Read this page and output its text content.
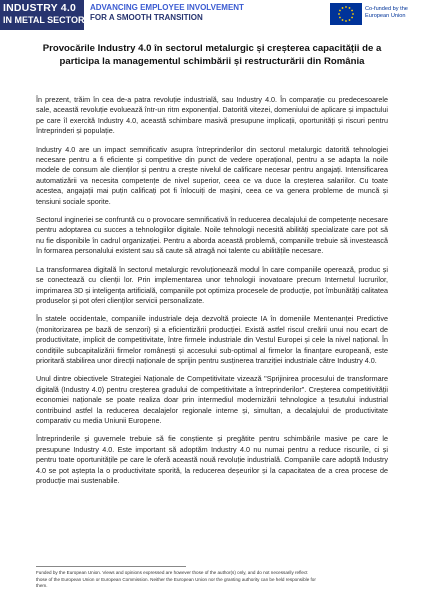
INDUSTRY 4.0
IN METAL SECTOR
ADVANCING EMPLOYEE INVOLVEMENT
FOR A SMOOTH TRANSITION
Co-funded by the
European Union
Provocările Industry 4.0 în sectorul metalurgic și creșterea capacității de a
participa la managementul schimbării și restructurării din România

În prezent, trăim în cea de-a patra revoluție industrială, sau Industry 4.0. În comparație cu predecesoarele sale, această revoluție evoluează într-un ritm exponențial. Datorită vitezei, domeniului de aplicare și impactului pe care îl exercită Industry 4.0, această schimbare masivă presupune implicații, oportunități și riscuri pentru întreprinderi și populație.

Industry 4.0 are un impact semnificativ asupra întreprinderilor din sectorul metalurgic datorită tehnologiei necesare pentru a fi eficiente și competitive din punct de vedere operațional, pentru a se adapta la noile modele de consum ale clienților și pentru a crește nivelul de calificare necesar pentru angajați. Intensificarea automatizării va necesita competențe de nivel superior, ceea ce va duce la creșterea salariilor. Cu toate acestea, angajații mai puțin calificați pot fi înlocuiți de mașini, ceea ce va genera probleme de muncă și tensiuni sociale sporite.

Sectorul ingineriei se confruntă cu o provocare semnificativă în reducerea decalajului de competențe necesare pentru adoptarea cu succes a tehnologiilor digitale. Noile tehnologii necesită abilități specializate care pot să nu fie disponibile în cadrul organizației. Pentru a aborda această problemă, companiile trebuie să investească în formarea personalului existent sau să caute să atragă noi talente cu abilitățile necesare.

La transformarea digitală în sectorul metalurgic revoluționează modul în care companiile operează, produc și se conectează cu clienții lor. Prin implementarea unor tehnologii inovatoare precum Internetul lucrurilor, imprimarea 3D și inteligența artificială, companiile pot optimiza procesele de producție, pot îmbunătăți calitatea produselor și pot oferi clienților servicii personalizate.

În statele occidentale, companiile industriale deja dezvoltă proiecte IA în domeniile Mentenanței Predictive (monitorizarea pe bază de senzori) și a eficientizării producției. Există astfel riscul creării unui nou ecart de productivitate, implicit de competitivitate, între firmele industriale din Vestul Europei și cele la nivel național. În condițiile subcapitalizării firmelor românești și accesului sub-optimal al firmelor la finanțare europeană, este prioritară stabilirea unor direcții naționale de sprijin pentru susținerea tranziției industriale către Industry 4.0.

Unul dintre obiectivele Strategiei Naționale de Competitivitate vizează "Sprijinirea procesului de transformare digitală (Industry 4.0) pentru creșterea gradului de competitivitate a întreprinderilor". Creșterea competitivității economiei naționale se poate realiza doar prin intermediul modernizării tehnologice a țesutului industrial contribuind astfel la reducerea decalajelor regionale interne și, simultan, a decalajului de productivitate comparativ cu media Uniunii Europene.

Întreprinderile și guvernele trebuie să fie conștiente și pregătite pentru schimbările masive pe care le presupune Industry 4.0. Este important să adoptăm Industry 4.0 nu numai pentru a reduce riscurile, ci și pentru toate oportunitățile pe care le oferă această nouă revoluție industrială. Companiile care adoptă Industry 4.0 se pot aștepta la o productivitate sporită, la reducerea deșeurilor și la capacitatea de a crea procese de producție mai sustenabile.

Funded by the European Union. Views and opinions expressed are however those of the author(s) only, and do not necessarily reflect
those of the European Union or European Commission. Neither the European Union nor the granting authority can be held responsible for
them.
